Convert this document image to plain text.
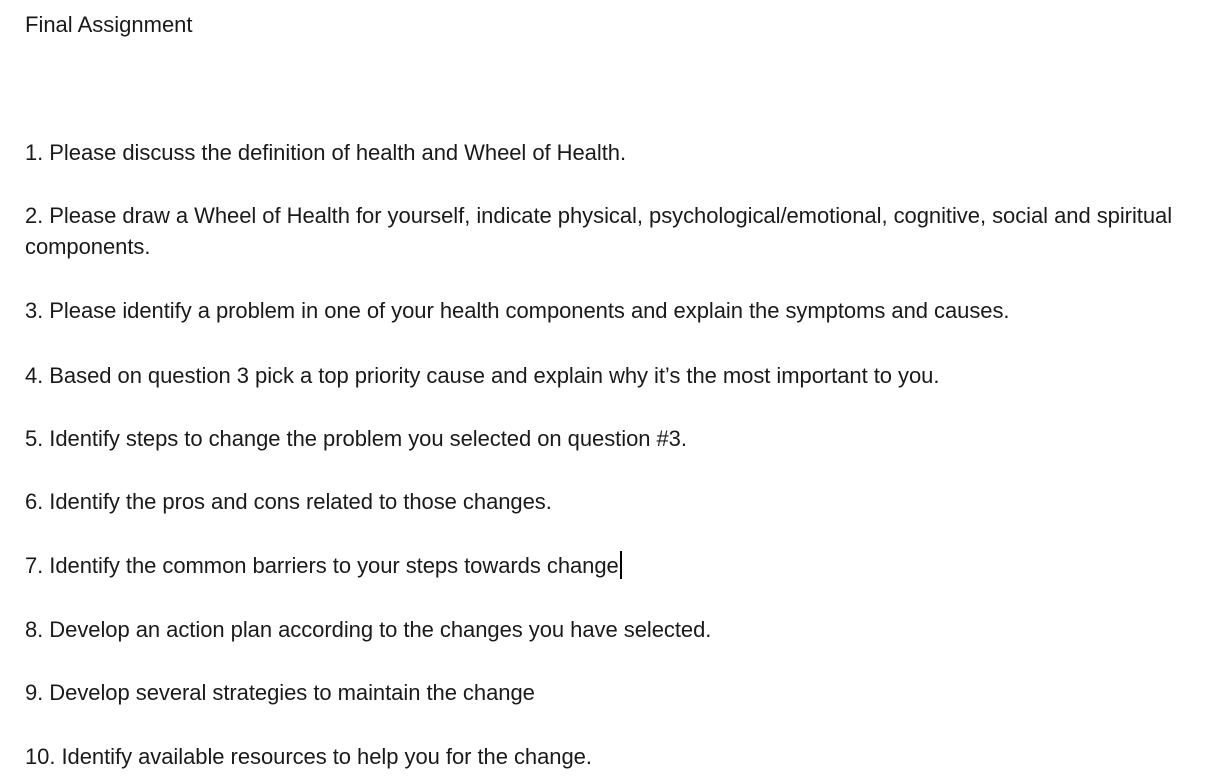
Final Assignment
1. Please discuss the definition of health and Wheel of Health.
2. Please draw a Wheel of Health for yourself, indicate physical, psychological/emotional, cognitive, social and spiritual components.
3. Please identify a problem in one of your health components and explain the symptoms and causes.
4. Based on question 3 pick a top priority cause and explain why it’s the most important to you.
5. Identify steps to change the problem you selected on question #3.
6. Identify the pros and cons related to those changes.
7. Identify the common barriers to your steps towards change
8. Develop an action plan according to the changes you have selected.
9. Develop several strategies to maintain the change
10. Identify available resources to help you for the change.
